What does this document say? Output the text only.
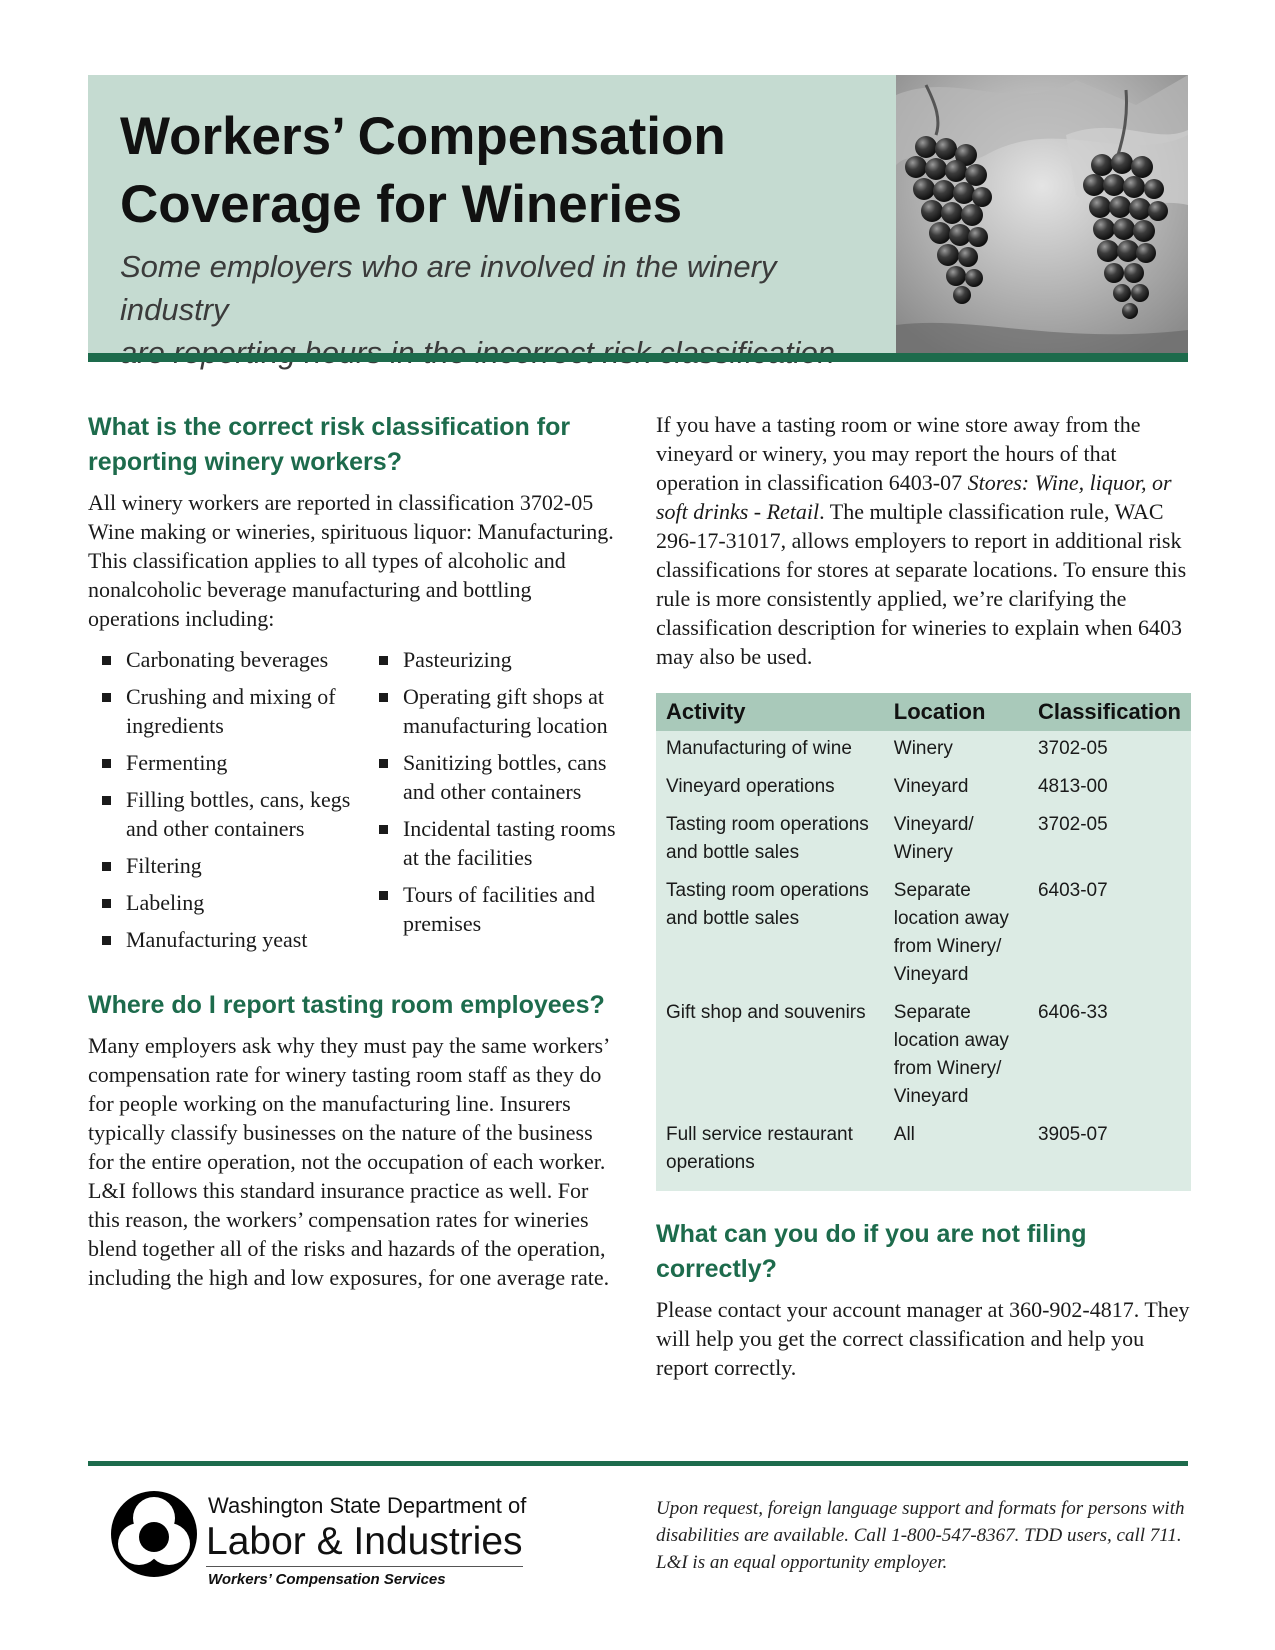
Workers’ Compensation
Coverage for Wineries

Some employers who are involved in the winery industry

What is the correct risk classification for reporting winery workers?

All winery workers are reported in classification 3702-05 Wine making or wineries, spirituous liquor: Manufacturing. This classification applies to all types of alcoholic and nonalcoholic beverage manufacturing and bottling operations including:

Carbonating beverages
Crushing and mixing of ingredients
Fermenting
Filling bottles, cans, kegs and other containers
Filtering
Labeling
Manufacturing yeast
Pasteurizing
Operating gift shops at manufacturing location
Sanitizing bottles, cans and other containers
Incidental tasting rooms at the facilities
Tours of facilities and premises
Where do I report tasting room employees?

Many employers ask why they must pay the same workers’ compensation rate for winery tasting room staff as they do for people working on the manufacturing line. Insurers typically classify businesses on the nature of the business for the entire operation, not the occupation of each worker. L&I follows this standard insurance practice as well. For this reason, the workers’ compensation rates for wineries blend together all of the risks and hazards of the operation, including the high and low exposures, for one average rate.

If you have a tasting room or wine store away from the vineyard or winery, you may report the hours of that operation in classification 6403-07 Stores: Wine, liquor, or soft drinks - Retail. The multiple classification rule, WAC 296-17-31017, allows employers to report in additional risk classifications for stores at separate locations. To ensure this rule is more consistently applied, we’re clarifying the classification description for wineries to explain when 6403 may also be used.

Activity	Location	Classification
Manufacturing of wine	Winery	3702-05
Vineyard operations	Vineyard	4813-00
Tasting room operations and bottle sales	Vineyard/ Winery	3702-05
Tasting room operations and bottle sales	Separate location away from Winery/ Vineyard	6403-07
Gift shop and souvenirs	Separate location away from Winery/ Vineyard	6406-33
Full service restaurant operations	All	3905-07
What can you do if you are not filing correctly?

Please contact your account manager at 360-902-4817. They will help you get the correct classification and help you report correctly.

Washington State Department of
Labor & Industries
Workers’ Compensation Services

Upon request, foreign language support and formats for persons with disabilities are available. Call 1-800-547-8367. TDD users, call 711. L&I is an equal opportunity employer.
